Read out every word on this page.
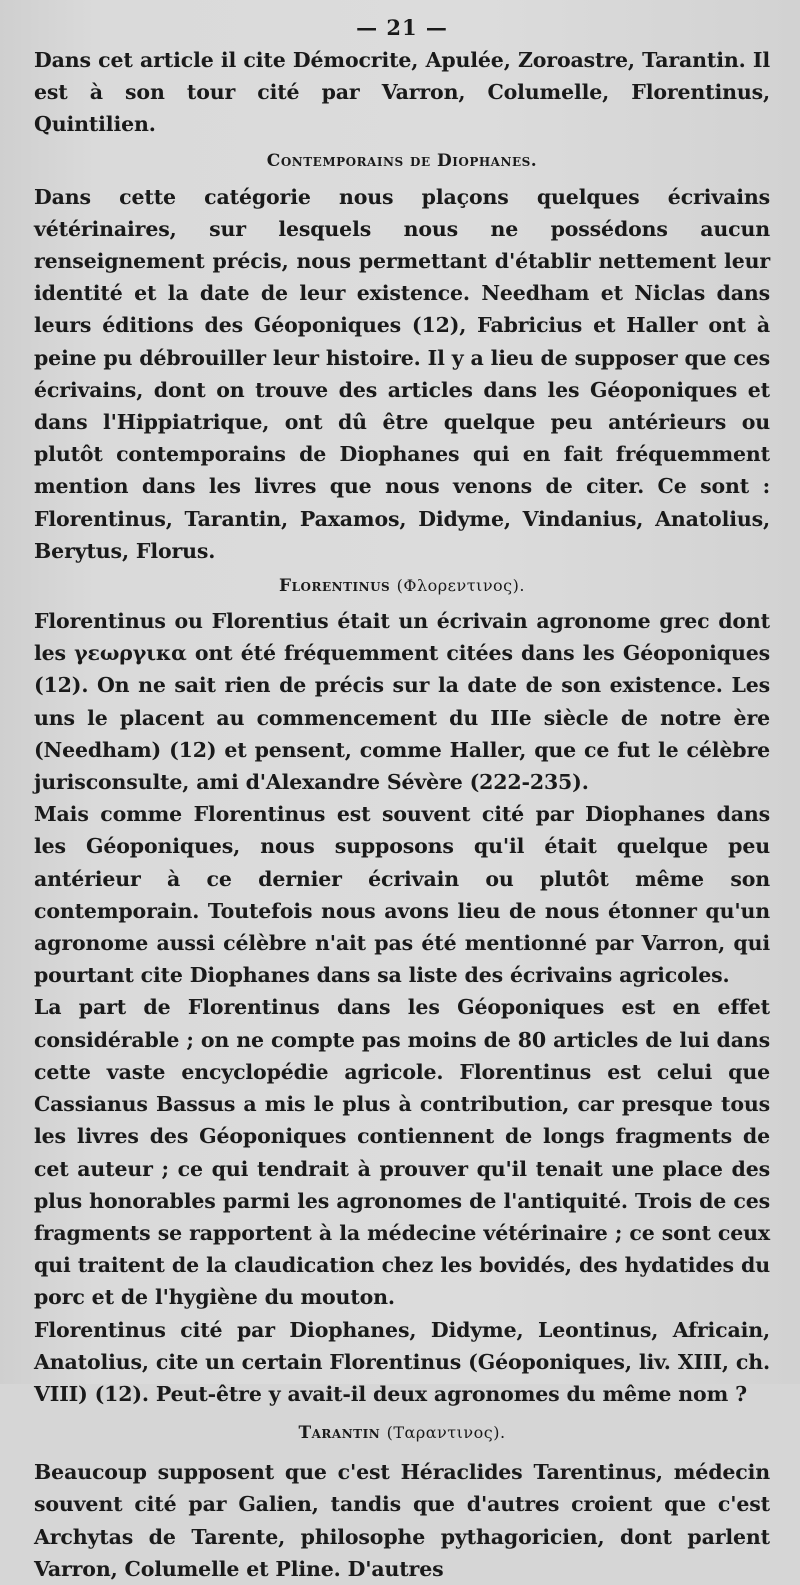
— 21 —

Dans cet article il cite Démocrite, Apulée, Zoroastre, Tarantin. Il est à son tour cité par Varron, Columelle, Florentinus, Quintilien.

Contemporains de Diophanes.

Dans cette catégorie nous plaçons quelques écrivains vétérinaires, sur lesquels nous ne possédons aucun renseignement précis, nous permettant d'établir nettement leur identité et la date de leur existence. Needham et Niclas dans leurs éditions des Géoponiques (12), Fabricius et Haller ont à peine pu débrouiller leur histoire. Il y a lieu de supposer que ces écrivains, dont on trouve des articles dans les Géoponiques et dans l'Hippiatrique, ont dû être quelque peu antérieurs ou plutôt contemporains de Diophanes qui en fait fréquemment mention dans les livres que nous venons de citer. Ce sont : Florentinus, Tarantin, Paxamos, Didyme, Vindanius, Anatolius, Berytus, Florus.

Florentinus (Φλορεντινος).

Florentinus ou Florentius était un écrivain agronome grec dont les γεωργικα ont été fréquemment citées dans les Géoponiques (12). On ne sait rien de précis sur la date de son existence. Les uns le placent au commencement du IIIe siècle de notre ère (Needham) (12) et pensent, comme Haller, que ce fut le célèbre jurisconsulte, ami d'Alexandre Sévère (222-235).

Mais comme Florentinus est souvent cité par Diophanes dans les Géoponiques, nous supposons qu'il était quelque peu antérieur à ce dernier écrivain ou plutôt même son contemporain. Toutefois nous avons lieu de nous étonner qu'un agronome aussi célèbre n'ait pas été mentionné par Varron, qui pourtant cite Diophanes dans sa liste des écrivains agricoles.

La part de Florentinus dans les Géoponiques est en effet considérable ; on ne compte pas moins de 80 articles de lui dans cette vaste encyclopédie agricole. Florentinus est celui que Cassianus Bassus a mis le plus à contribution, car presque tous les livres des Géoponiques contiennent de longs fragments de cet auteur ; ce qui tendrait à prouver qu'il tenait une place des plus honorables parmi les agronomes de l'antiquité. Trois de ces fragments se rapportent à la médecine vétérinaire ; ce sont ceux qui traitent de la claudication chez les bovidés, des hydatides du porc et de l'hygiène du mouton.

Florentinus cité par Diophanes, Didyme, Leontinus, Africain, Anatolius, cite un certain Florentinus (Géoponiques, liv. XIII, ch. VIII) (12). Peut-être y avait-il deux agronomes du même nom ?

Tarantin (Ταραντινος).

Beaucoup supposent que c'est Héraclides Tarentinus, médecin souvent cité par Galien, tandis que d'autres croient que c'est Archytas de Tarente, philosophe pythagoricien, dont parlent Varron, Columelle et Pline. D'autres
